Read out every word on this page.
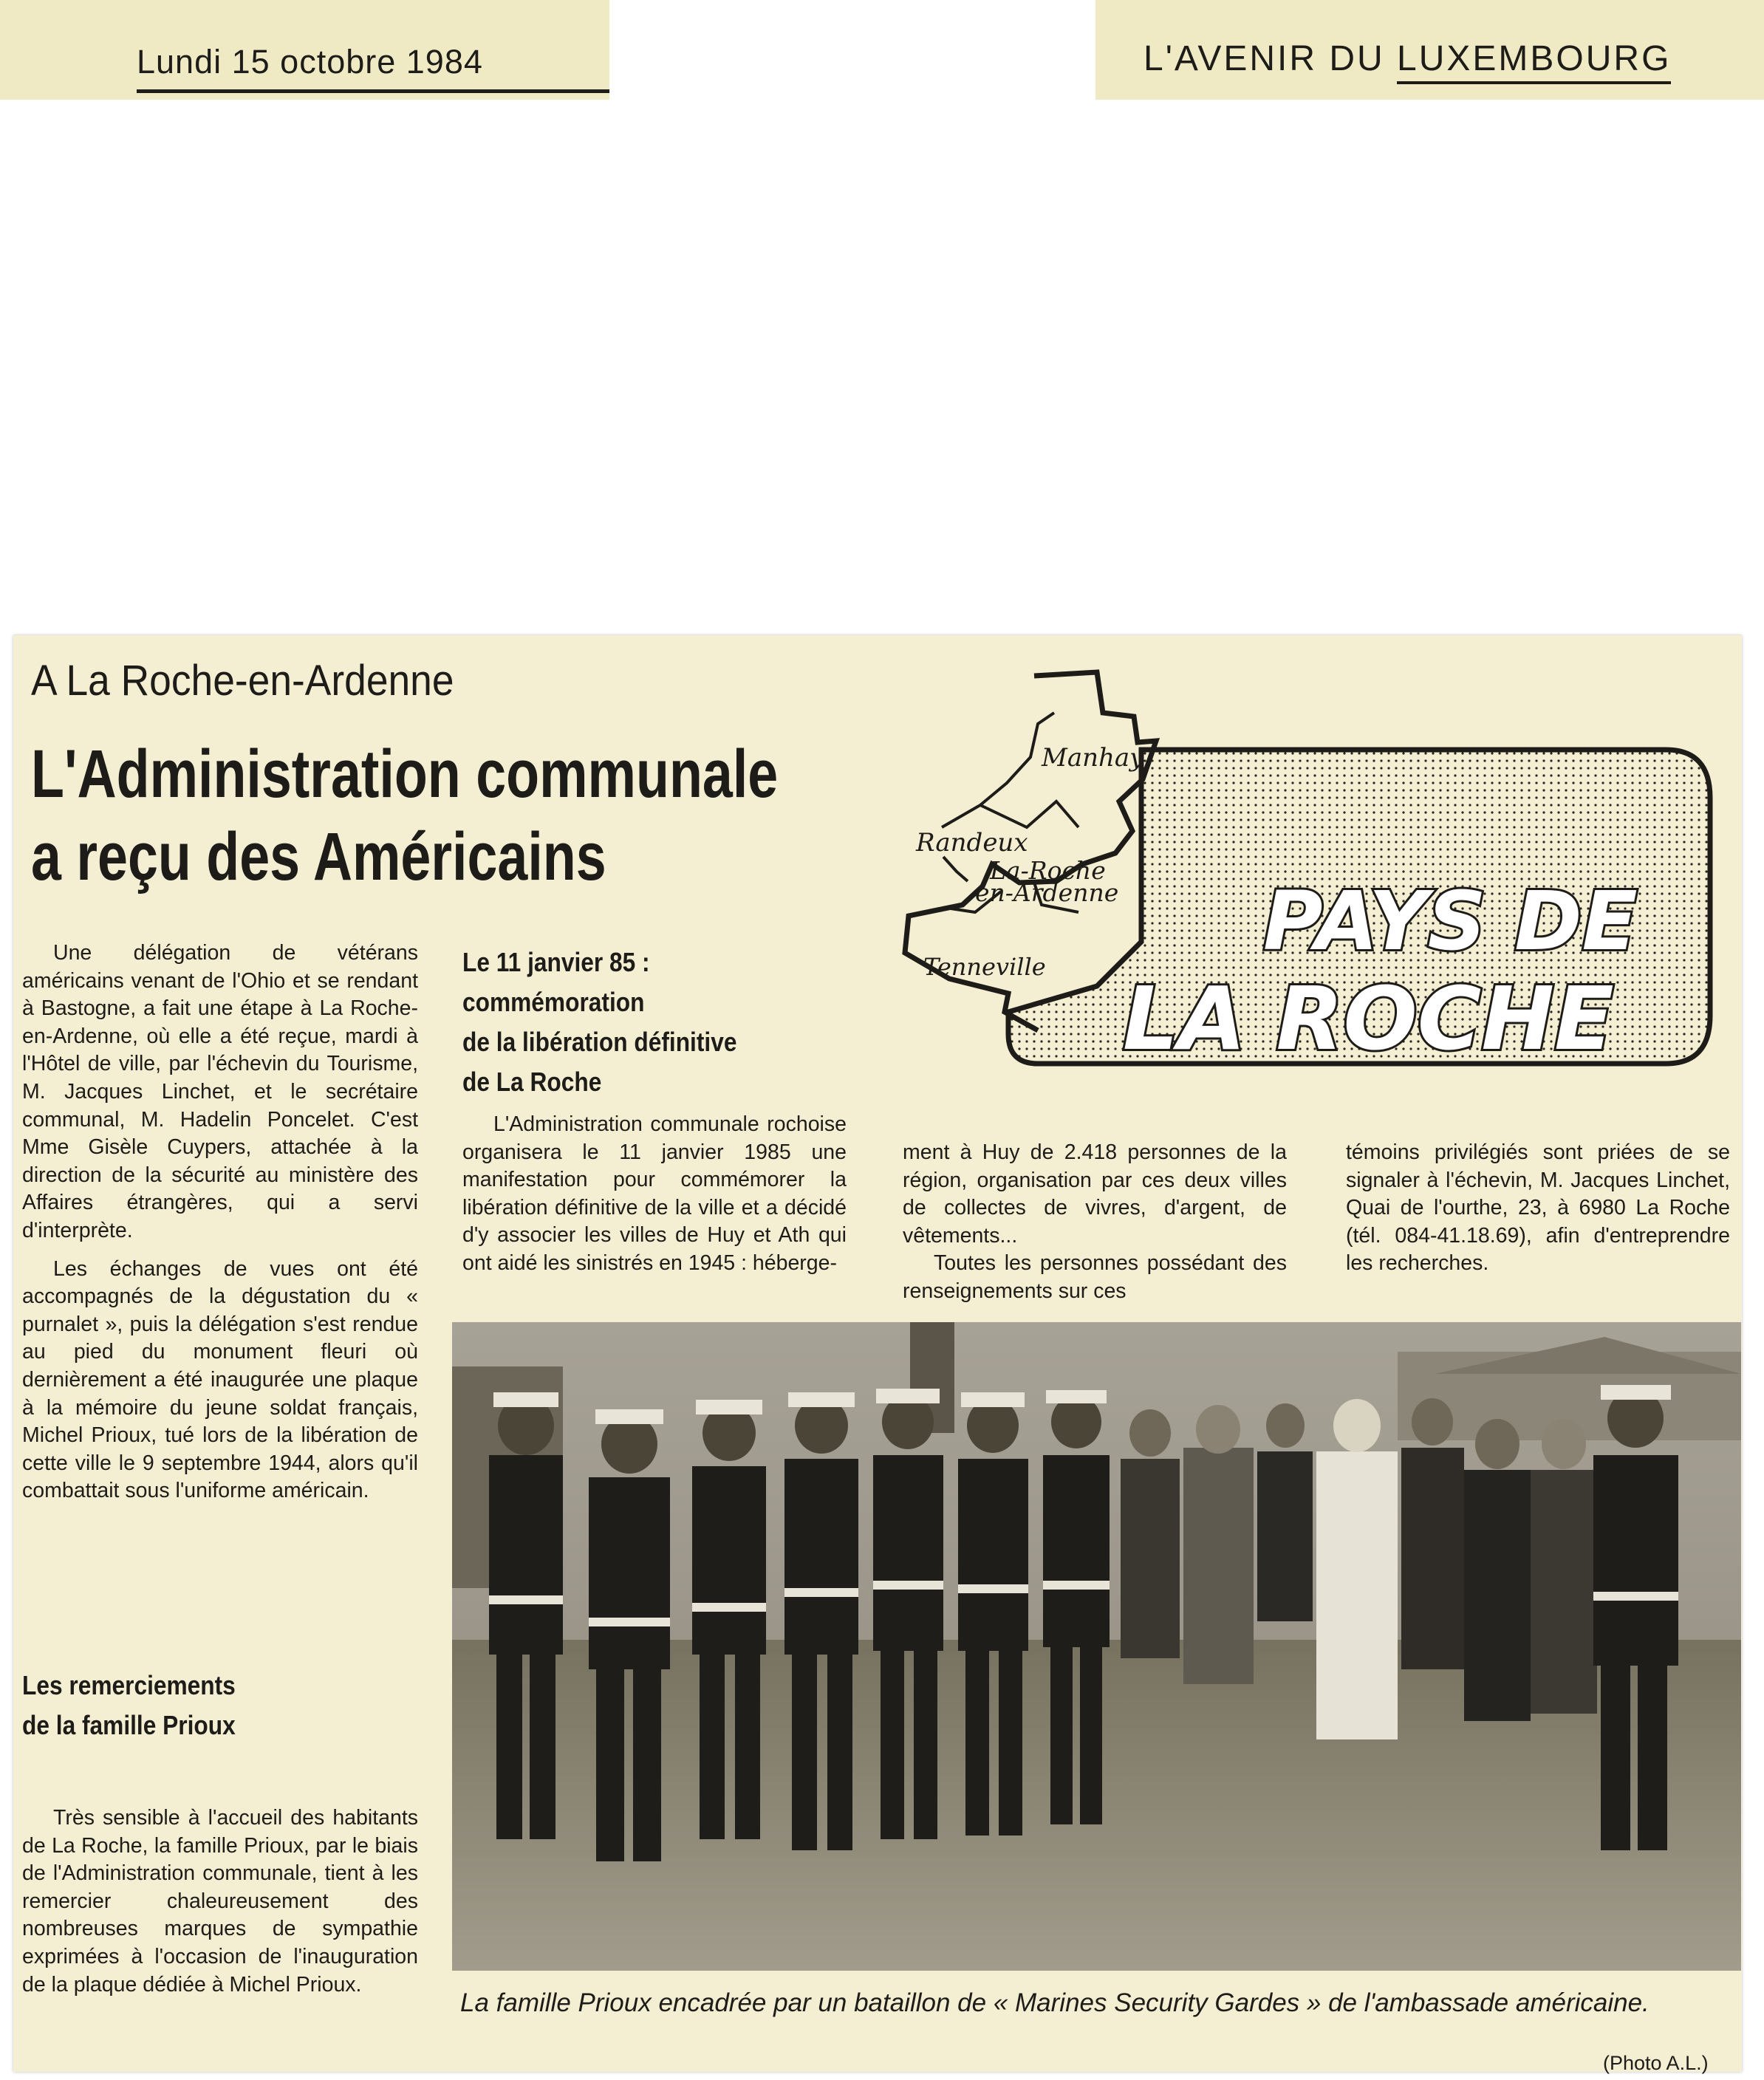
Lundi 15 octobre 1984	L'AVENIR DU LUXEMBOURG
A La Roche-en-Ardenne
L'Administration communale
a reçu des Américains

Une délégation de vétérans américains venant de l'Ohio et se rendant à Bastogne, a fait une étape à La Roche-en-Ardenne, où elle a été reçue, mardi à l'Hôtel de ville, par l'échevin du Tourisme, M. Jacques Linchet, et le secrétaire communal, M. Hadelin Poncelet. C'est Mme Gisèle Cuypers, attachée à la direction de la sécurité au ministère des Affaires étrangères, qui a servi d'interprète.

Les échanges de vues ont été accompagnés de la dégustation du « purnalet », puis la délégation s'est rendue au pied du monument fleuri où dernièrement a été inaugurée une plaque à la mémoire du jeune soldat français, Michel Prioux, tué lors de la libération de cette ville le 9 septembre 1944, alors qu'il combattait sous l'uniforme américain.

Les remerciements
de la famille Prioux

Très sensible à l'accueil des habitants de La Roche, la famille Prioux, par le biais de l'Administration communale, tient à les remercier chaleureusement des nombreuses marques de sympathie exprimées à l'occasion de l'inauguration de la plaque dédiée à Michel Prioux.

Le 11 janvier 85 :
commémoration
de la libération définitive
de La Roche

L'Administration communale rochoise organisera le 11 janvier 1985 une manifestation pour commémorer la libération définitive de la ville et a décidé d'y associer les villes de Huy et Ath qui ont aidé les sinistrés en 1945 : héberge-

ment à Huy de 2.418 personnes de la région, organisation par ces deux villes de collectes de vivres, d'argent, de vêtements...

Toutes les personnes possédant des renseignements sur ces

témoins privilégiés sont priées de se signaler à l'échevin, M. Jacques Linchet, Quai de l'ourthe, 23, à 6980 La Roche (tél. 084-41.18.69), afin d'entreprendre les recherches.

Manhay
Randeux
La-Roche
en-Ardenne
Tenneville	PAYS DE
LA ROCHE
La famille Prioux encadrée par un bataillon de « Marines Security Gardes » de l'ambassade américaine.
(Photo A.L.)
